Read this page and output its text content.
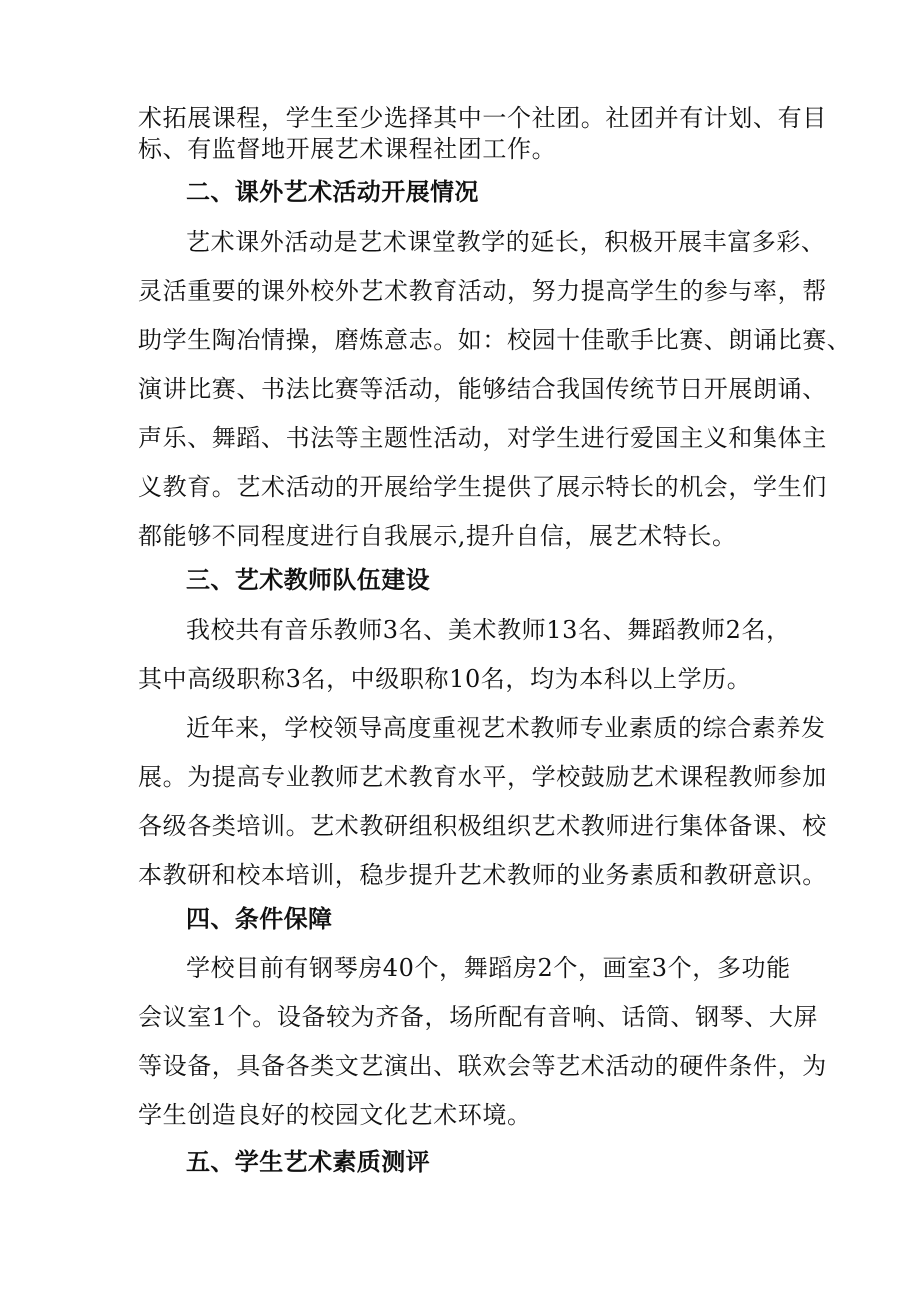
术拓展课程，学生至少选择其中一个社团。社团并有计划、有目
标、有监督地开展艺术课程社团工作。
二、课外艺术活动开展情况
艺术课外活动是艺术课堂教学的延长，积极开展丰富多彩、
灵活重要的课外校外艺术教育活动，努力提高学生的参与率，帮
助学生陶冶情操，磨炼意志。如：校园十佳歌手比赛、朗诵比赛、
演讲比赛、书法比赛等活动，能够结合我国传统节日开展朗诵、
声乐、舞蹈、书法等主题性活动，对学生进行爱国主义和集体主
义教育。艺术活动的开展给学生提供了展示特长的机会，学生们
都能够不同程度进行自我展示,提升自信，展艺术特长。
三、艺术教师队伍建设
我校共有音乐教师3名、美术教师13名、舞蹈教师2名，
其中高级职称3名，中级职称10名，均为本科以上学历。
近年来，学校领导高度重视艺术教师专业素质的综合素养发
展。为提高专业教师艺术教育水平，学校鼓励艺术课程教师参加
各级各类培训。艺术教研组积极组织艺术教师进行集体备课、校
本教研和校本培训，稳步提升艺术教师的业务素质和教研意识。
四、条件保障
学校目前有钢琴房40个，舞蹈房2个，画室3个，多功能
会议室1个。设备较为齐备，场所配有音响、话筒、钢琴、大屏
等设备，具备各类文艺演出、联欢会等艺术活动的硬件条件，为
学生创造良好的校园文化艺术环境。
五、学生艺术素质测评
